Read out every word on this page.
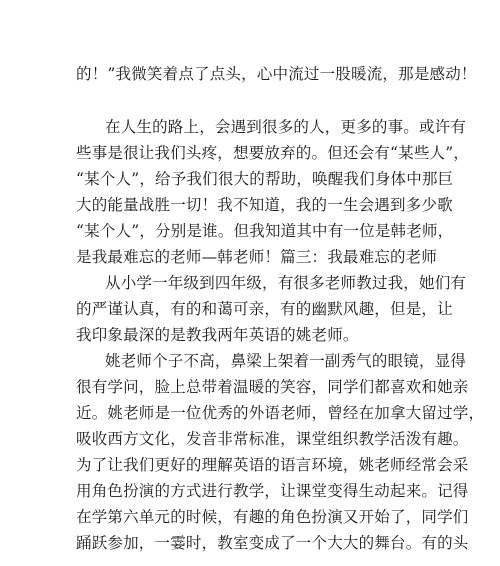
的！”我微笑着点了点头，心中流过一股暖流，那是感动！
在人生的路上，会遇到很多的人，更多的事。或许有
些事是很让我们头疼，想要放弃的。但还会有“某些人”，
“某个人”，给予我们很大的帮助，唤醒我们身体中那巨
大的能量战胜一切！我不知道，我的一生会遇到多少歌
“某个人”，分别是谁。但我知道其中有一位是韩老师，
是我最难忘的老师—韩老师！篇三：我最难忘的老师
从小学一年级到四年级，有很多老师教过我，她们有
的严谨认真，有的和蔼可亲，有的幽默风趣，但是，让
我印象最深的是教我两年英语的姚老师。
姚老师个子不高，鼻梁上架着一副秀气的眼镜，显得
很有学问，脸上总带着温暖的笑容，同学们都喜欢和她亲
近。姚老师是一位优秀的外语老师，曾经在加拿大留过学，
吸收西方文化，发音非常标准，课堂组织教学活泼有趣。
为了让我们更好的理解英语的语言环境，姚老师经常会采
用角色扮演的方式进行教学，让课堂变得生动起来。记得
在学第六单元的时候，有趣的角色扮演又开始了，同学们
踊跃参加，一霎时，教室变成了一个大大的舞台。有的头
